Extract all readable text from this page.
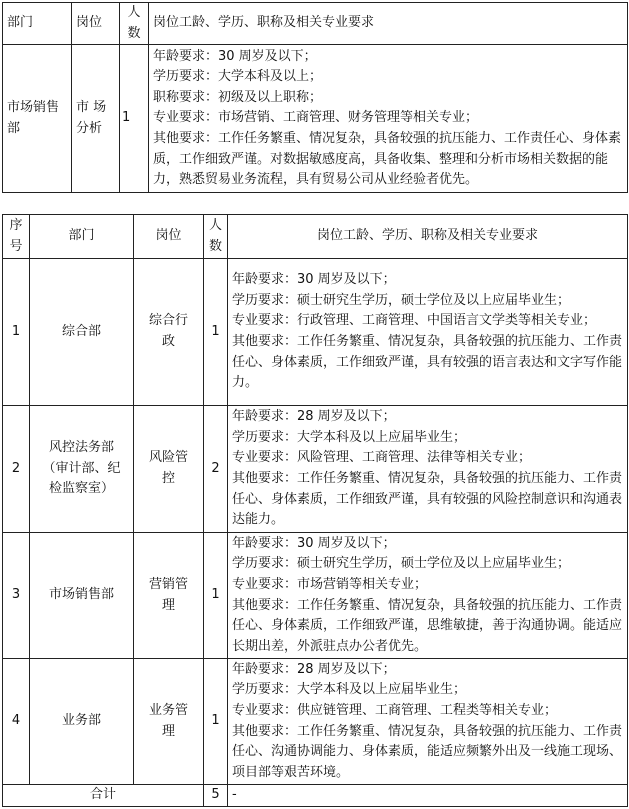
部门	岗位	人数	岗位工龄、学历、职称及相关专业要求
市场销售部	市 场分析	1	年龄要求：30 周岁及以下；
学历要求：大学本科及以上；
职称要求：初级及以上职称；
专业要求：市场营销、工商管理、财务管理等相关专业；
其他要求：工作任务繁重、情况复杂，具备较强的抗压能力、工作责任心、身体素质，工作细致严谨。对数据敏感度高，具备收集、整理和分析市场相关数据的能力，熟悉贸易业务流程，具有贸易公司从业经验者优先。
序号	部门	岗位	人数	岗位工龄、学历、职称及相关专业要求
1	综合部	综合行政	1	年龄要求：30 周岁及以下；
学历要求：硕士研究生学历，硕士学位及以上应届毕业生；
专业要求：行政管理、工商管理、中国语言文学类等相关专业；
其他要求：工作任务繁重、情况复杂，具备较强的抗压能力、工作责任心、身体素质，工作细致严谨，具有较强的语言表达和文字写作能力。

2	风控法务部（审计部、纪检监察室）	风险管控	2	年龄要求：28 周岁及以下；
学历要求：大学本科及以上应届毕业生；
专业要求：风险管理、工商管理、法律等相关专业；
其他要求：工作任务繁重、情况复杂，具备较强的抗压能力、工作责任心、身体素质，工作细致严谨，具有较强的风险控制意识和沟通表达能力。

3	市场销售部	营销管理	1	年龄要求：30 周岁及以下；
学历要求：硕士研究生学历，硕士学位及以上应届毕业生；
专业要求：市场营销等相关专业；
其他要求：工作任务繁重、情况复杂，具备较强的抗压能力、工作责任心、身体素质，工作细致严谨，思维敏捷，善于沟通协调。能适应长期出差，外派驻点办公者优先。

4	业务部	业务管理	1	年龄要求：28 周岁及以下；
学历要求：大学本科及以上应届毕业生；
专业要求：供应链管理、工商管理、工程类等相关专业；
其他要求：工作任务繁重、情况复杂，具备较强的抗压能力、工作责任心、沟通协调能力、身体素质，能适应频繁外出及一线施工现场、项目部等艰苦环境。

合计			5	-
